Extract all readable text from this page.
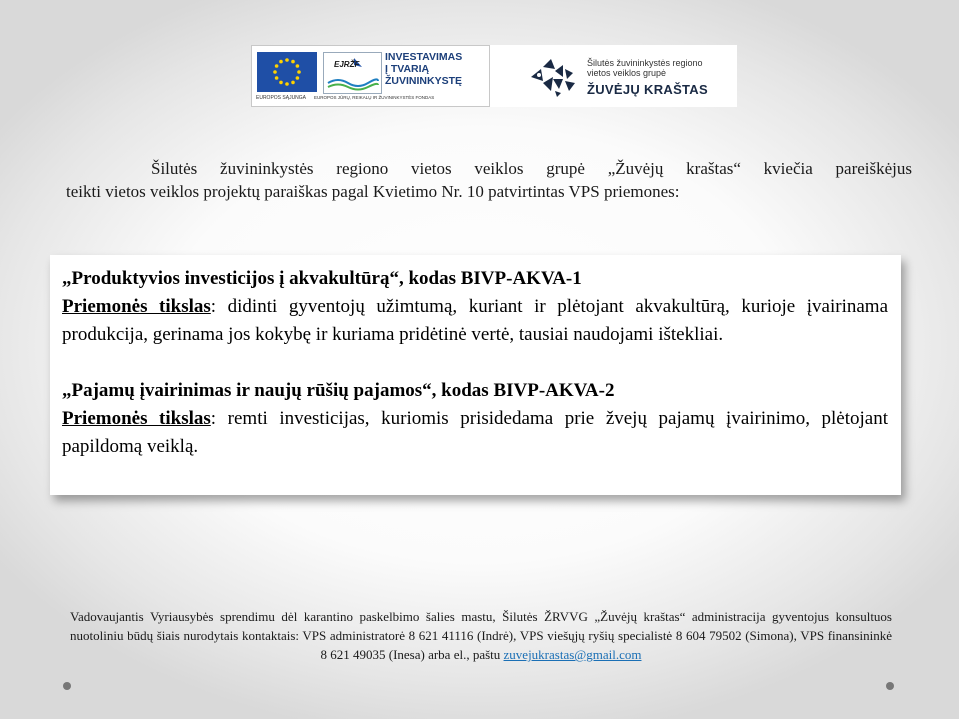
EUROPOS SĄJUNGA
EJRŽF
EUROPOS JŪRŲ, REIKALŲ IR ŽUVININKYSTĖS FONDAS
INVESTAVIMAS
Į TVARIĄ
ŽUVININKYSTĘ
Šilutės žuvininkystės regiono
vietos veiklos grupė
ŽUVĖJŲ KRAŠTAS
Šilutės žuvininkystės regiono vietos veiklos grupė „Žuvėjų kraštas“ kviečia pareiškėjus
teikti vietos veiklos projektų paraiškas pagal Kvietimo Nr. 10 patvirtintas VPS priemones:

„Produktyvios investicijos į akvakultūrą“, kodas BIVP-AKVA-1

Priemonės tikslas: didinti gyventojų užimtumą, kuriant ir plėtojant akvakultūrą, kurioje įvairinama produkcija, gerinama jos kokybę ir kuriama pridėtinė vertė, tausiai naudojami ištekliai.

„Pajamų įvairinimas ir naujų rūšių pajamos“, kodas BIVP-AKVA-2

Priemonės tikslas: remti investicijas, kuriomis prisidedama prie žvejų pajamų įvairinimo, plėtojant papildomą veiklą.

Vadovaujantis Vyriausybės sprendimu dėl karantino paskelbimo šalies mastu, Šilutės ŽRVVG „Žuvėjų kraštas“ administracija gyventojus konsultuos nuotoliniu būdų šiais nurodytais kontaktais: VPS administratorė 8 621 41116 (Indrė), VPS viešųjų ryšių specialistė 8 604 79502 (Simona), VPS finansininkė 8 621 49035 (Inesa) arba el., paštu zuvejukrastas@gmail.com
